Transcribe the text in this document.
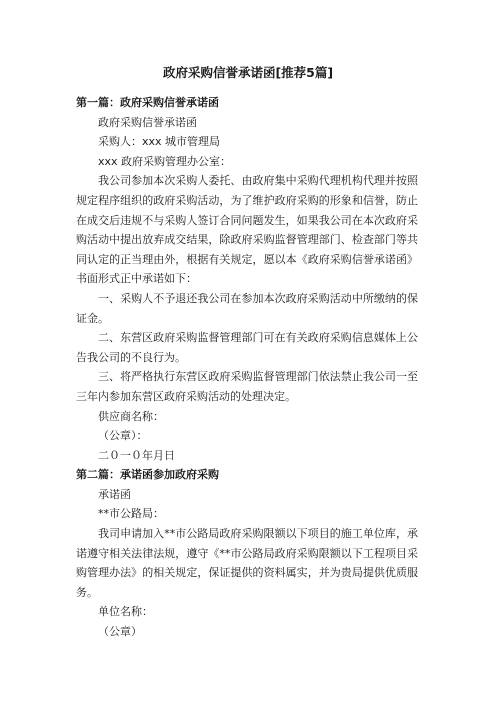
政府采购信誉承诺函[推荐5篇]

第一篇：政府采购信誉承诺函

政府采购信誉承诺函

采购人：xxx 城市管理局

xxx 政府采购管理办公室：

我公司参加本次采购人委托、由政府集中采购代理机构代理并按照规定程序组织的政府采购活动，为了维护政府采购的形象和信誉，防止在成交后违规不与采购人签订合同问题发生，如果我公司在本次政府采购活动中提出放弃成交结果，除政府采购监督管理部门、检查部门等共同认定的正当理由外，根据有关规定，愿以本《政府采购信誉承诺函》书面形式正中承诺如下：

一、采购人不予退还我公司在参加本次政府采购活动中所缴纳的保证金。

二、东营区政府采购监督管理部门可在有关政府采购信息媒体上公告我公司的不良行为。

三、将严格执行东营区政府采购监督管理部门依法禁止我公司一至三年内参加东营区政府采购活动的处理决定。

供应商名称：

（公章）：

二０一０年月日

第二篇：承诺函参加政府采购

承诺函

**市公路局：

我司申请加入**市公路局政府采购限额以下项目的施工单位库，承诺遵守相关法律法规，遵守《**市公路局政府采购限额以下工程项目采购管理办法》的相关规定，保证提供的资料属实，并为贵局提供优质服务。

单位名称：

（公章）
